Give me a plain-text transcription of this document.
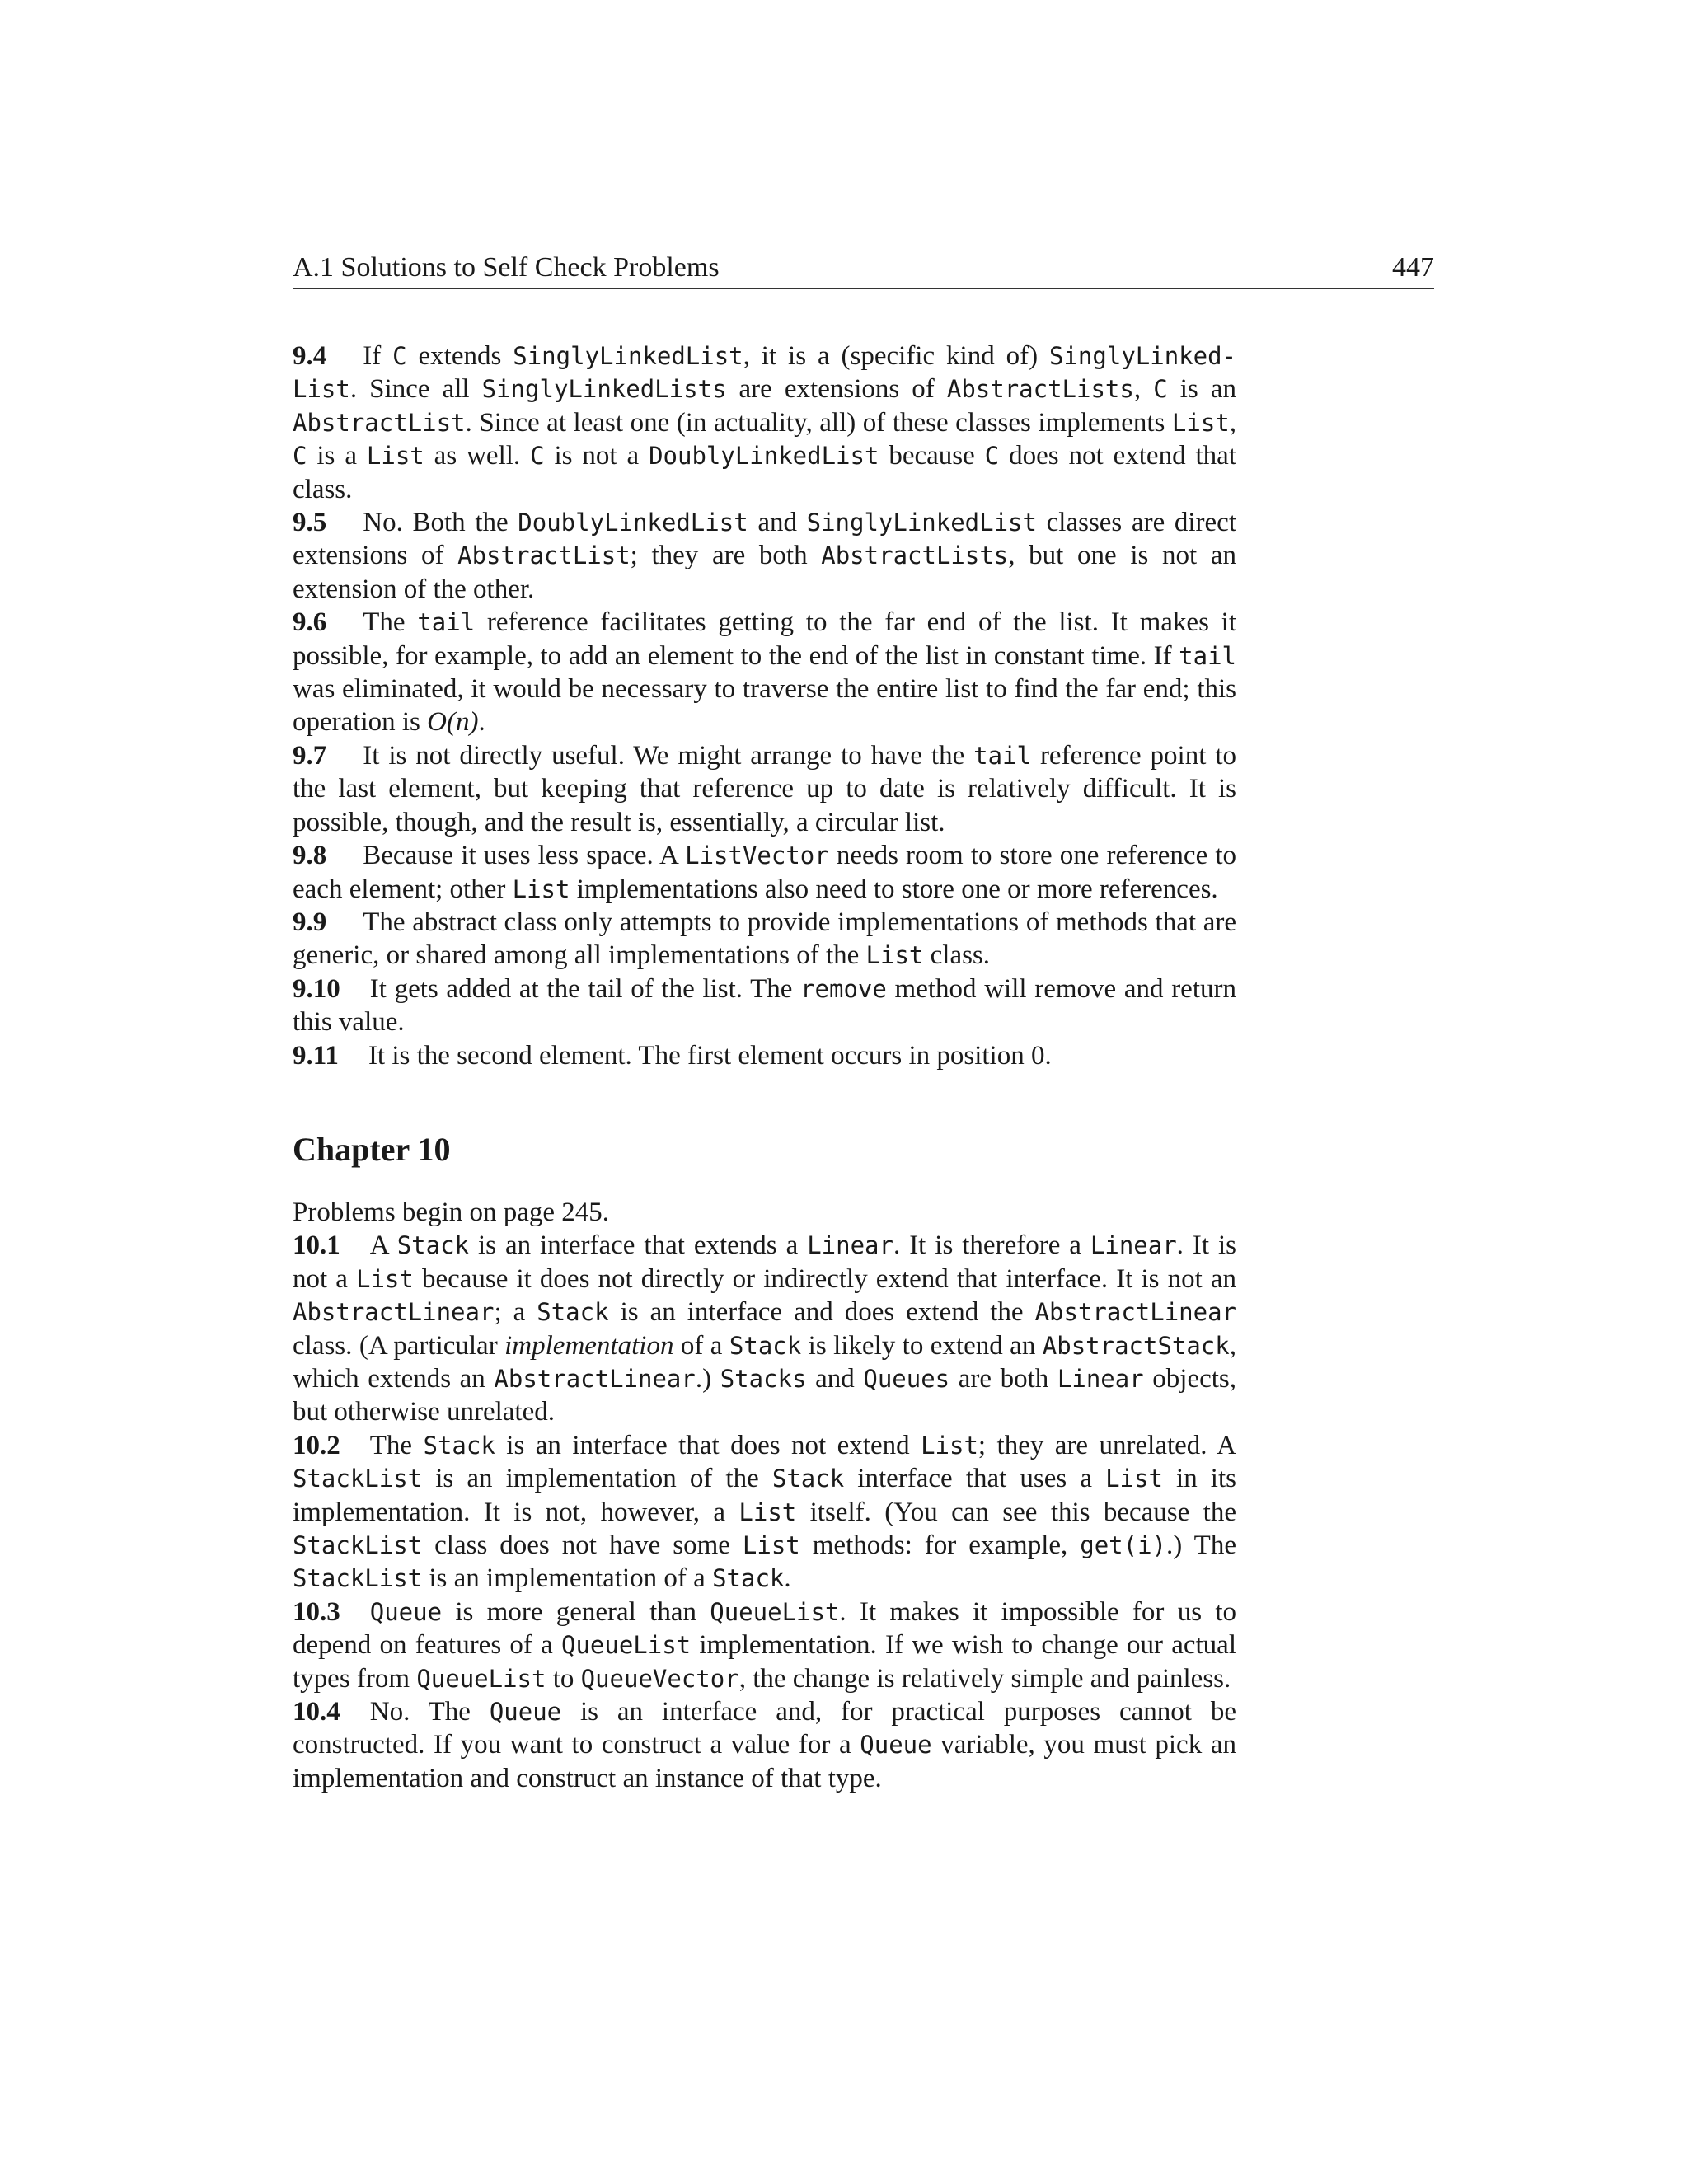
A.1 Solutions to Self Check Problems	447

9.4 If C extends SinglyLinkedList, it is a (specific kind of) SinglyLinked-List. Since all SinglyLinkedLists are extensions of AbstractLists, C is an AbstractList. Since at least one (in actuality, all) of these classes implements List, C is a List as well. C is not a DoublyLinkedList because C does not extend that class.

9.5 No. Both the DoublyLinkedList and SinglyLinkedList classes are direct extensions of AbstractList; they are both AbstractLists, but one is not an extension of the other.

9.6 The tail reference facilitates getting to the far end of the list. It makes it possible, for example, to add an element to the end of the list in constant time. If tail was eliminated, it would be necessary to traverse the entire list to find the far end; this operation is O(n).

9.7 It is not directly useful. We might arrange to have the tail reference point to the last element, but keeping that reference up to date is relatively difficult. It is possible, though, and the result is, essentially, a circular list.

9.8 Because it uses less space. A ListVector needs room to store one reference to each element; other List implementations also need to store one or more references.

9.9 The abstract class only attempts to provide implementations of methods that are generic, or shared among all implementations of the List class.

9.10 It gets added at the tail of the list. The remove method will remove and return this value.

9.11 It is the second element. The first element occurs in position 0.

Chapter 10

Problems begin on page 245.

10.1 A Stack is an interface that extends a Linear. It is therefore a Linear. It is not a List because it does not directly or indirectly extend that interface. It is not an AbstractLinear; a Stack is an interface and does extend the AbstractLinear class. (A particular implementation of a Stack is likely to extend an AbstractStack, which extends an AbstractLinear.) Stacks and Queues are both Linear objects, but otherwise unrelated.

10.2 The Stack is an interface that does not extend List; they are unrelated. A StackList is an implementation of the Stack interface that uses a List in its implementation. It is not, however, a List itself. (You can see this because the StackList class does not have some List methods: for example, get(i).) The StackList is an implementation of a Stack.

10.3 Queue is more general than QueueList. It makes it impossible for us to depend on features of a QueueList implementation. If we wish to change our actual types from QueueList to QueueVector, the change is relatively simple and painless.

10.4 No. The Queue is an interface and, for practical purposes cannot be constructed. If you want to construct a value for a Queue variable, you must pick an implementation and construct an instance of that type.
